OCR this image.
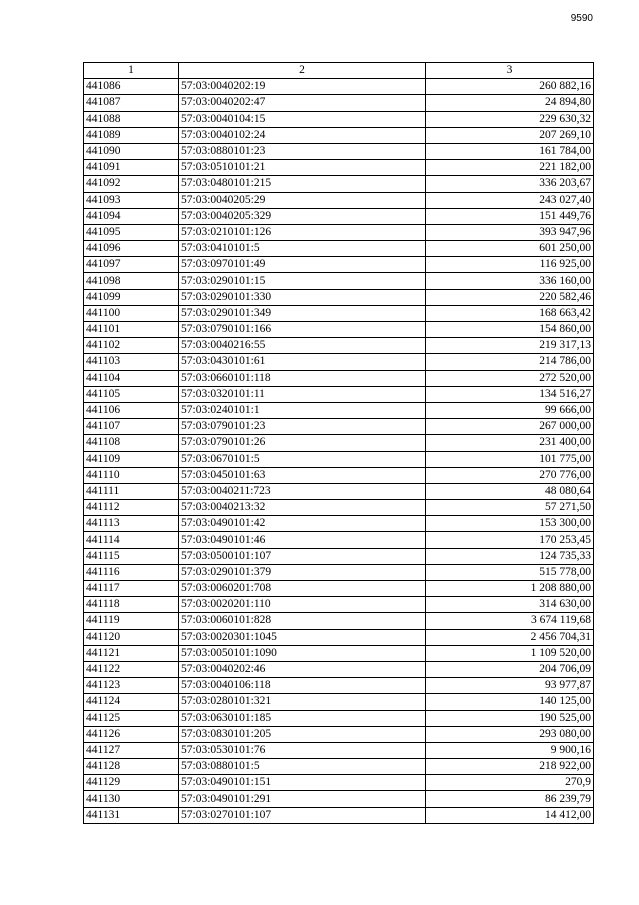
9590
1	2	3
441086	57:03:0040202:19	260 882,16
441087	57:03:0040202:47	24 894,80
441088	57:03:0040104:15	229 630,32
441089	57:03:0040102:24	207 269,10
441090	57:03:0880101:23	161 784,00
441091	57:03:0510101:21	221 182,00
441092	57:03:0480101:215	336 203,67
441093	57:03:0040205:29	243 027,40
441094	57:03:0040205:329	151 449,76
441095	57:03:0210101:126	393 947,96
441096	57:03:0410101:5	601 250,00
441097	57:03:0970101:49	116 925,00
441098	57:03:0290101:15	336 160,00
441099	57:03:0290101:330	220 582,46
441100	57:03:0290101:349	168 663,42
441101	57:03:0790101:166	154 860,00
441102	57:03:0040216:55	219 317,13
441103	57:03:0430101:61	214 786,00
441104	57:03:0660101:118	272 520,00
441105	57:03:0320101:11	134 516,27
441106	57:03:0240101:1	99 666,00
441107	57:03:0790101:23	267 000,00
441108	57:03:0790101:26	231 400,00
441109	57:03:0670101:5	101 775,00
441110	57:03:0450101:63	270 776,00
441111	57:03:0040211:723	48 080,64
441112	57:03:0040213:32	57 271,50
441113	57:03:0490101:42	153 300,00
441114	57:03:0490101:46	170 253,45
441115	57:03:0500101:107	124 735,33
441116	57:03:0290101:379	515 778,00
441117	57:03:0060201:708	1 208 880,00
441118	57:03:0020201:110	314 630,00
441119	57:03:0060101:828	3 674 119,68
441120	57:03:0020301:1045	2 456 704,31
441121	57:03:0050101:1090	1 109 520,00
441122	57:03:0040202:46	204 706,09
441123	57:03:0040106:118	93 977,87
441124	57:03:0280101:321	140 125,00
441125	57:03:0630101:185	190 525,00
441126	57:03:0830101:205	293 080,00
441127	57:03:0530101:76	9 900,16
441128	57:03:0880101:5	218 922,00
441129	57:03:0490101:151	270,9
441130	57:03:0490101:291	86 239,79
441131	57:03:0270101:107	14 412,00
